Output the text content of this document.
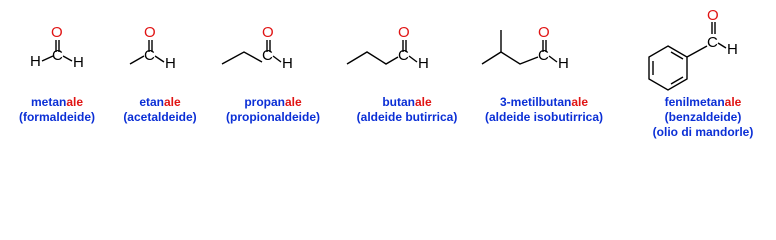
O
H C H
O
C H
O
C H
O
C H
O
C H
C
O
H
metanale
(formaldeide)
etanale
(acetaldeide)
propanale
(propionaldeide)
butanale
(aldeide butirrica)
3-metilbutanale
(aldeide isobutirrica)
fenilmetanale
(benzaldeide)
(olio di mandorle)
